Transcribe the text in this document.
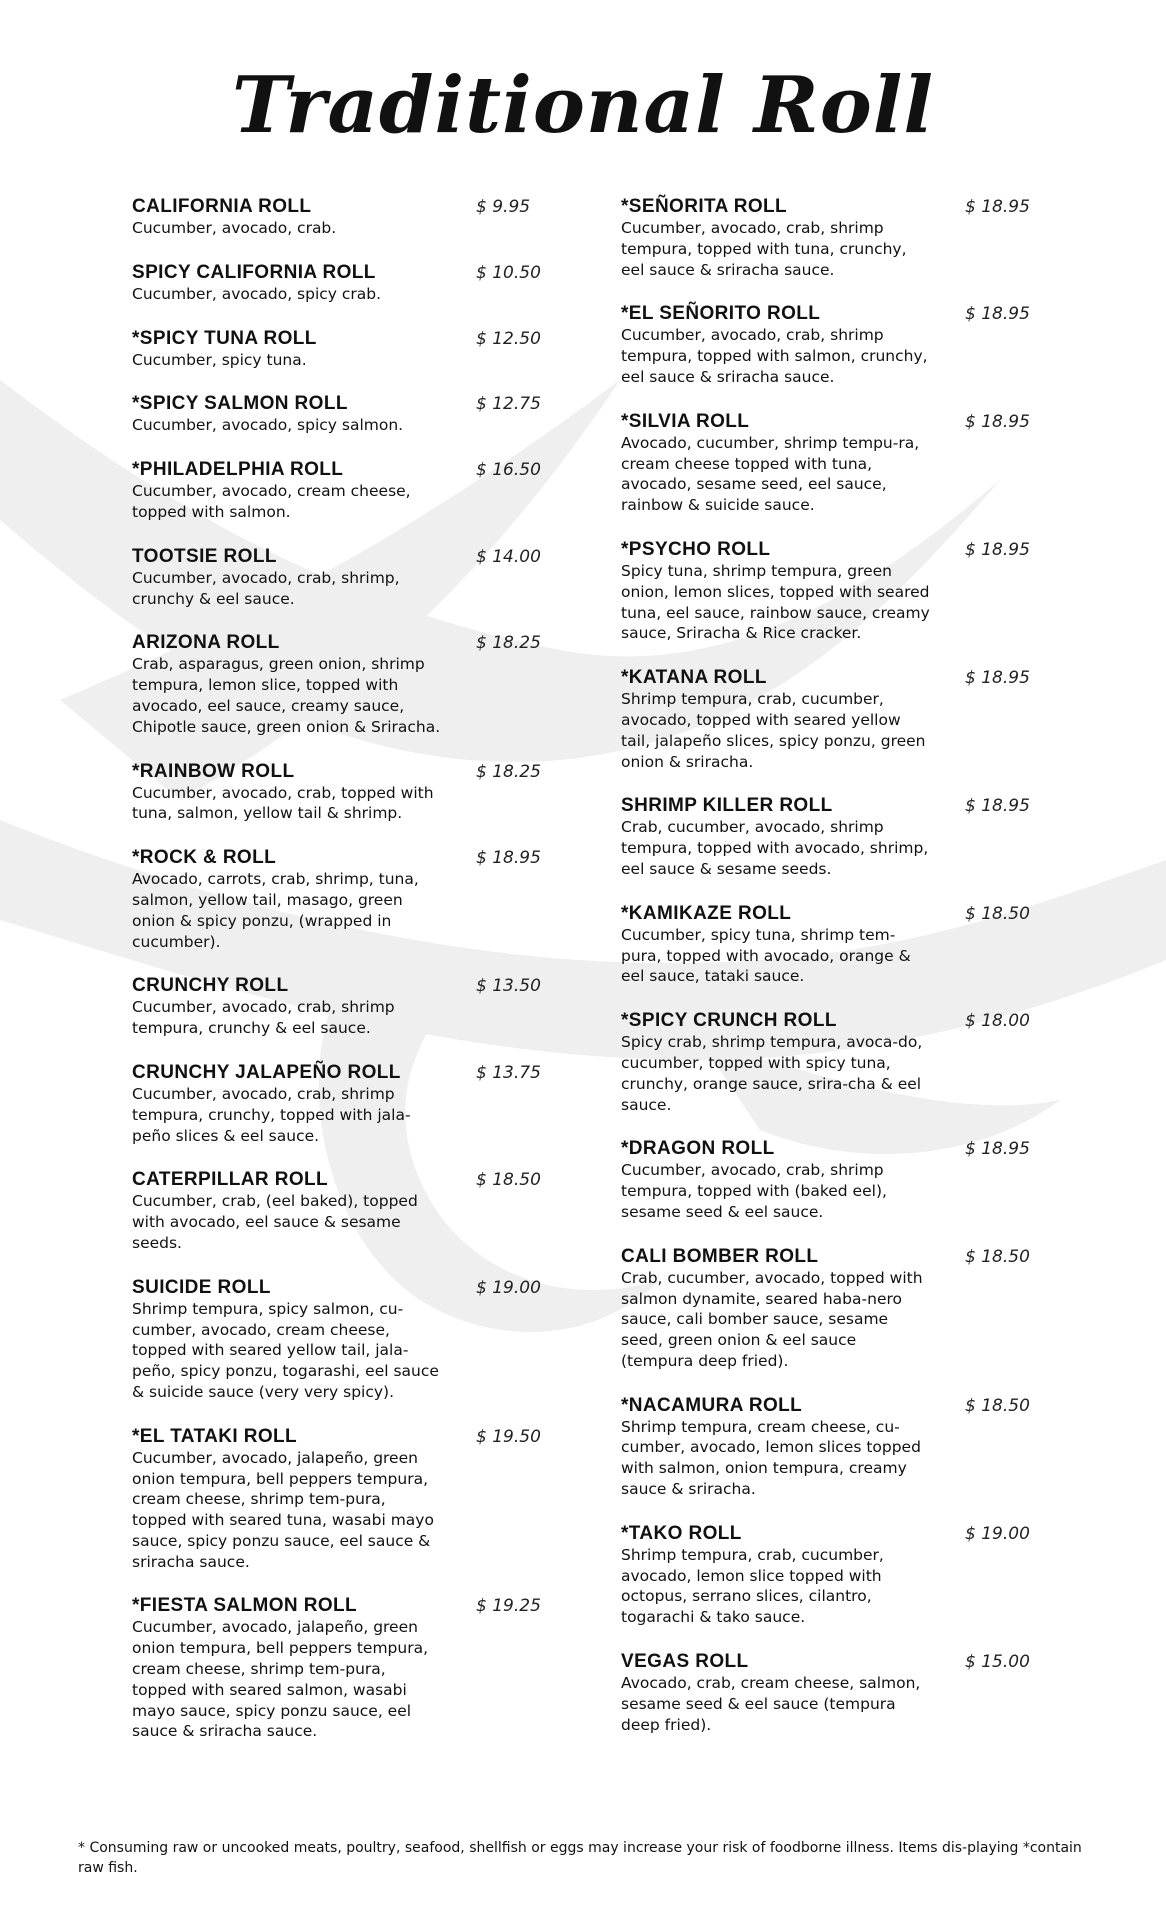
Traditional Roll
CALIFORNIA ROLL	$ 9.95
Cucumber, avocado, crab.
SPICY CALIFORNIA ROLL	$ 10.50
Cucumber, avocado, spicy crab.
*SPICY TUNA ROLL	$ 12.50
Cucumber, spicy tuna.
*SPICY SALMON ROLL	$ 12.75
Cucumber, avocado, spicy salmon.
*PHILADELPHIA ROLL	$ 16.50
Cucumber, avocado, cream cheese, topped with salmon.
TOOTSIE ROLL	$ 14.00
Cucumber, avocado, crab, shrimp, crunchy & eel sauce.
ARIZONA ROLL	$ 18.25
Crab, asparagus, green onion, shrimp tempura, lemon slice, topped with avocado, eel sauce, creamy sauce, Chipotle sauce, green onion & Sriracha.
*RAINBOW ROLL	$ 18.25
Cucumber, avocado, crab, topped with tuna, salmon, yellow tail & shrimp.
*ROCK & ROLL	$ 18.95
Avocado, carrots, crab, shrimp, tuna, salmon, yellow tail, masago, green onion & spicy ponzu, (wrapped in cucumber).
CRUNCHY ROLL	$ 13.50
Cucumber, avocado, crab, shrimp tempura, crunchy & eel sauce.
CRUNCHY JALAPEÑO ROLL	$ 13.75
Cucumber, avocado, crab, shrimp tempura, crunchy, topped with jala-peño slices & eel sauce.
CATERPILLAR ROLL	$ 18.50
Cucumber, crab, (eel baked), topped with avocado, eel sauce & sesame seeds.
SUICIDE ROLL	$ 19.00
Shrimp tempura, spicy salmon, cu-cumber, avocado, cream cheese, topped with seared yellow tail, jala-peño, spicy ponzu, togarashi, eel sauce & suicide sauce (very very spicy).
*EL TATAKI ROLL	$ 19.50
Cucumber, avocado, jalapeño, green onion tempura, bell peppers tempura, cream cheese, shrimp tem-pura, topped with seared tuna, wasabi mayo sauce, spicy ponzu sauce, eel sauce & sriracha sauce.
*FIESTA SALMON ROLL	$ 19.25
Cucumber, avocado, jalapeño, green onion tempura, bell peppers tempura, cream cheese, shrimp tem-pura, topped with seared salmon, wasabi mayo sauce, spicy ponzu sauce, eel sauce & sriracha sauce.
*SEÑORITA ROLL	$ 18.95
Cucumber, avocado, crab, shrimp tempura, topped with tuna, crunchy, eel sauce & sriracha sauce.
*EL SEÑORITO ROLL	$ 18.95
Cucumber, avocado, crab, shrimp tempura, topped with salmon, crunchy, eel sauce & sriracha sauce.
*SILVIA ROLL	$ 18.95
Avocado, cucumber, shrimp tempu-ra, cream cheese topped with tuna, avocado, sesame seed, eel sauce, rainbow & suicide sauce.
*PSYCHO ROLL	$ 18.95
Spicy tuna, shrimp tempura, green onion, lemon slices, topped with seared tuna, eel sauce, rainbow sauce, creamy sauce, Sriracha & Rice cracker.
*KATANA ROLL	$ 18.95
Shrimp tempura, crab, cucumber, avocado, topped with seared yellow tail, jalapeño slices, spicy ponzu, green onion & sriracha.
SHRIMP KILLER ROLL	$ 18.95
Crab, cucumber, avocado, shrimp tempura, topped with avocado, shrimp, eel sauce & sesame seeds.
*KAMIKAZE ROLL	$ 18.50
Cucumber, spicy tuna, shrimp tem-pura, topped with avocado, orange & eel sauce, tataki sauce.
*SPICY CRUNCH ROLL	$ 18.00
Spicy crab, shrimp tempura, avoca-do, cucumber, topped with spicy tuna, crunchy, orange sauce, srira-cha & eel sauce.
*DRAGON ROLL	$ 18.95
Cucumber, avocado, crab, shrimp tempura, topped with (baked eel), sesame seed & eel sauce.
CALI BOMBER ROLL	$ 18.50
Crab, cucumber, avocado, topped with salmon dynamite, seared haba-nero sauce, cali bomber sauce, sesame seed, green onion & eel sauce (tempura deep fried).
*NACAMURA ROLL	$ 18.50
Shrimp tempura, cream cheese, cu-cumber, avocado, lemon slices topped with salmon, onion tempura, creamy sauce & sriracha.
*TAKO ROLL	$ 19.00
Shrimp tempura, crab, cucumber, avocado, lemon slice topped with octopus, serrano slices, cilantro, togarachi & tako sauce.
VEGAS ROLL	$ 15.00
Avocado, crab, cream cheese, salmon, sesame seed & eel sauce (tempura deep fried).
* Consuming raw or uncooked meats, poultry, seafood, shellfish or eggs may increase your risk of foodborne illness. Items dis-playing *contain raw fish.
